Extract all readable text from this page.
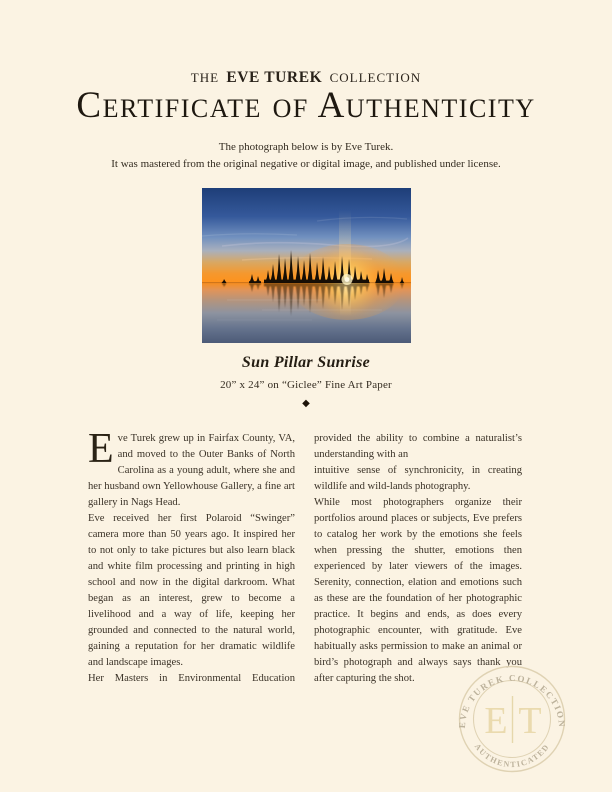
THE EVE TUREK COLLECTION
Certificate of Authenticity
The photograph below is by Eve Turek.
It was mastered from the original negative or digital image, and published under license.
Sun Pillar Sunrise
20” x 24” on “Giclee” Fine Art Paper
◆

Eve Turek grew up in Fairfax County, VA, and moved to the Outer Banks of North Carolina as a young adult, where she and her husband own Yellowhouse Gallery, a fine art gallery in Nags Head.

Eve received her first Polaroid “Swinger” camera more than 50 years ago. It inspired her to not only to take pictures but also learn black and white film processing and printing in high school and now in the digital darkroom. What began as an interest, grew to become a livelihood and a way of life, keeping her grounded and connected to the natural world, gaining a reputation for her dramatic wildlife and landscape images.

Her Masters in Environmental Education

provided the ability to combine a naturalist’s understanding with an

intuitive sense of synchronicity, in creating wildlife and wild-lands photography.

While most photographers organize their portfolios around places or subjects, Eve prefers to catalog her work by the emotions she feels when pressing the shutter, emotions then experienced by later viewers of the images. Serenity, connection, elation and emotions such as these are the foundation of her photographic practice. It begins and ends, as does every photographic encounter, with gratitude. Eve habitually asks permission to make an animal or bird’s photograph and always says thank you after capturing the shot.

EVE TUREK COLLECTION
AUTHENTICATED
E T
